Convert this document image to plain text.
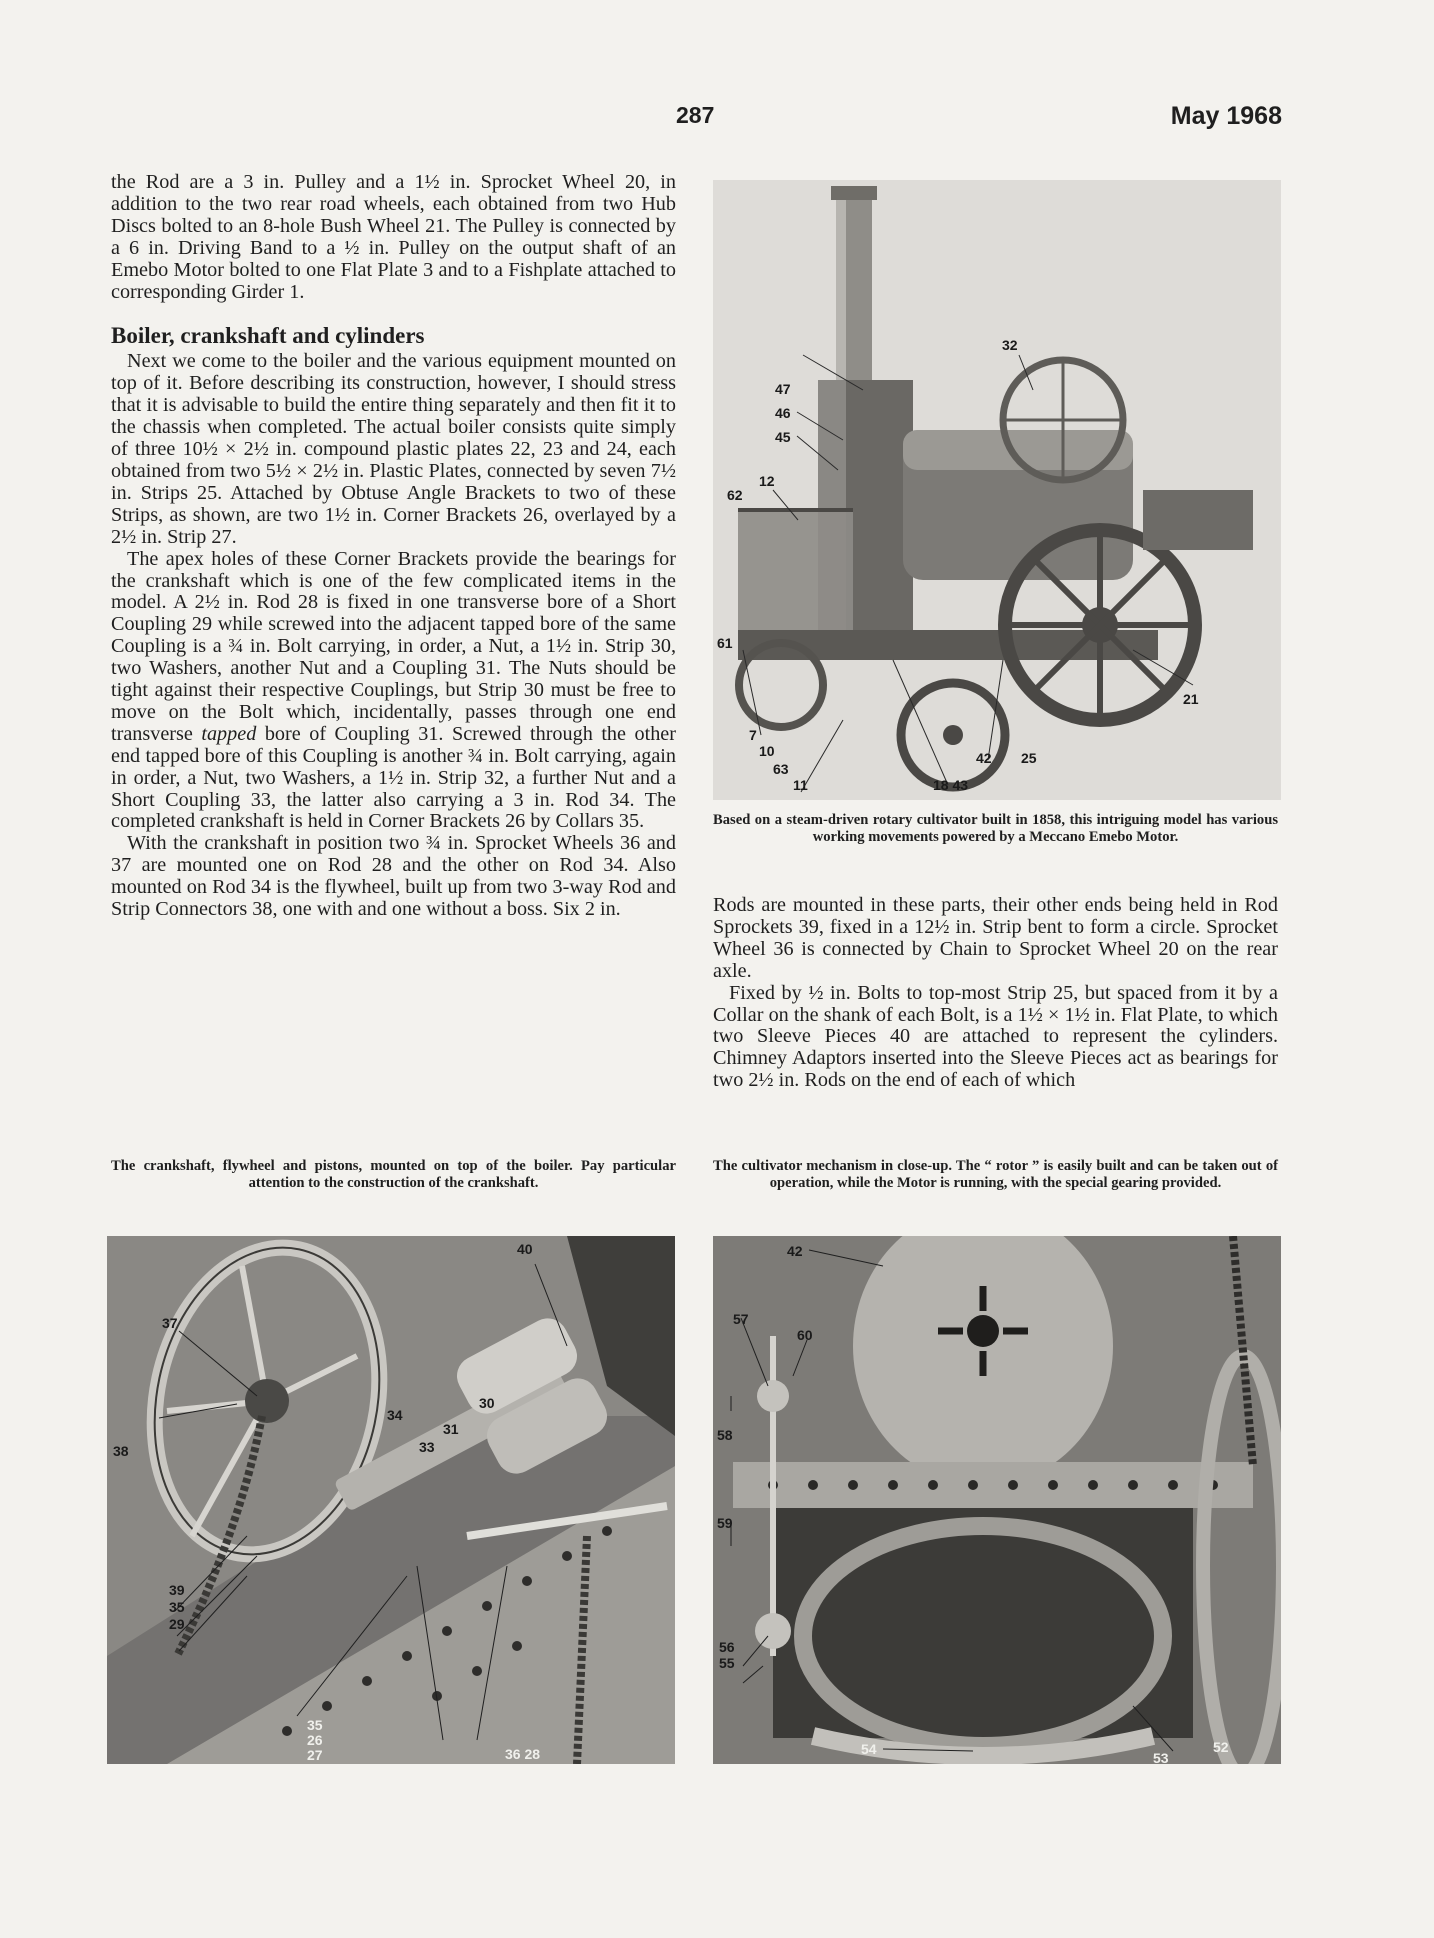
287	May 1968

the Rod are a 3 in. Pulley and a 1½ in. Sprocket Wheel 20, in addition to the two rear road wheels, each obtained from two Hub Discs bolted to an 8-hole Bush Wheel 21. The Pulley is connected by a 6 in. Driving Band to a ½ in. Pulley on the output shaft of an Emebo Motor bolted to one Flat Plate 3 and to a Fishplate attached to corresponding Girder 1.

Boiler, crankshaft and cylinders

Next we come to the boiler and the various equipment mounted on top of it. Before describing its construction, however, I should stress that it is advisable to build the entire thing separately and then fit it to the chassis when completed. The actual boiler consists quite simply of three 10½ × 2½ in. compound plastic plates 22, 23 and 24, each obtained from two 5½ × 2½ in. Plastic Plates, connected by seven 7½ in. Strips 25. Attached by Obtuse Angle Brackets to two of these Strips, as shown, are two 1½ in. Corner Brackets 26, overlayed by a 2½ in. Strip 27.

The apex holes of these Corner Brackets provide the bearings for the crankshaft which is one of the few complicated items in the model. A 2½ in. Rod 28 is fixed in one transverse bore of a Short Coupling 29 while screwed into the adjacent tapped bore of the same Coupling is a ¾ in. Bolt carrying, in order, a Nut, a 1½ in. Strip 30, two Washers, another Nut and a Coupling 31. The Nuts should be tight against their respective Couplings, but Strip 30 must be free to move on the Bolt which, incidentally, passes through one end transverse tapped bore of Coupling 31. Screwed through the other end tapped bore of this Coupling is another ¾ in. Bolt carrying, again in order, a Nut, two Washers, a 1½ in. Strip 32, a further Nut and a Short Coupling 33, the latter also carrying a 3 in. Rod 34. The completed crankshaft is held in Corner Brackets 26 by Collars 35.

With the crankshaft in position two ¾ in. Sprocket Wheels 36 and 37 are mounted one on Rod 28 and the other on Rod 34. Also mounted on Rod 34 is the flywheel, built up from two 3-way Rod and Strip Connectors 38, one with and one without a boss. Six 2 in.

32
47
46
45
12
62
61
21
7
10
63
11	18 43
42 25
Based on a steam-driven rotary cultivator built in 1858, this intriguing model has various working movements powered by a Meccano Emebo Motor.

Rods are mounted in these parts, their other ends being held in Rod Sprockets 39, fixed in a 12½ in. Strip bent to form a circle. Sprocket Wheel 36 is connected by Chain to Sprocket Wheel 20 on the rear axle.

Fixed by ½ in. Bolts to top-most Strip 25, but spaced from it by a Collar on the shank of each Bolt, is a 1½ × 1½ in. Flat Plate, to which two Sleeve Pieces 40 are attached to represent the cylinders. Chimney Adaptors inserted into the Sleeve Pieces act as bearings for two 2½ in. Rods on the end of each of which

The crankshaft, flywheel and pistons, mounted on top of the boiler. Pay particular attention to the construction of the crankshaft.
The cultivator mechanism in close-up. The “ rotor ” is easily built and can be taken out of operation, while the Motor is running, with the special gearing provided.
40
37
34
30
31
33
38
39
35
29
35
26
27	36 28
42
57
60
58
59
56
55
54
53
52
